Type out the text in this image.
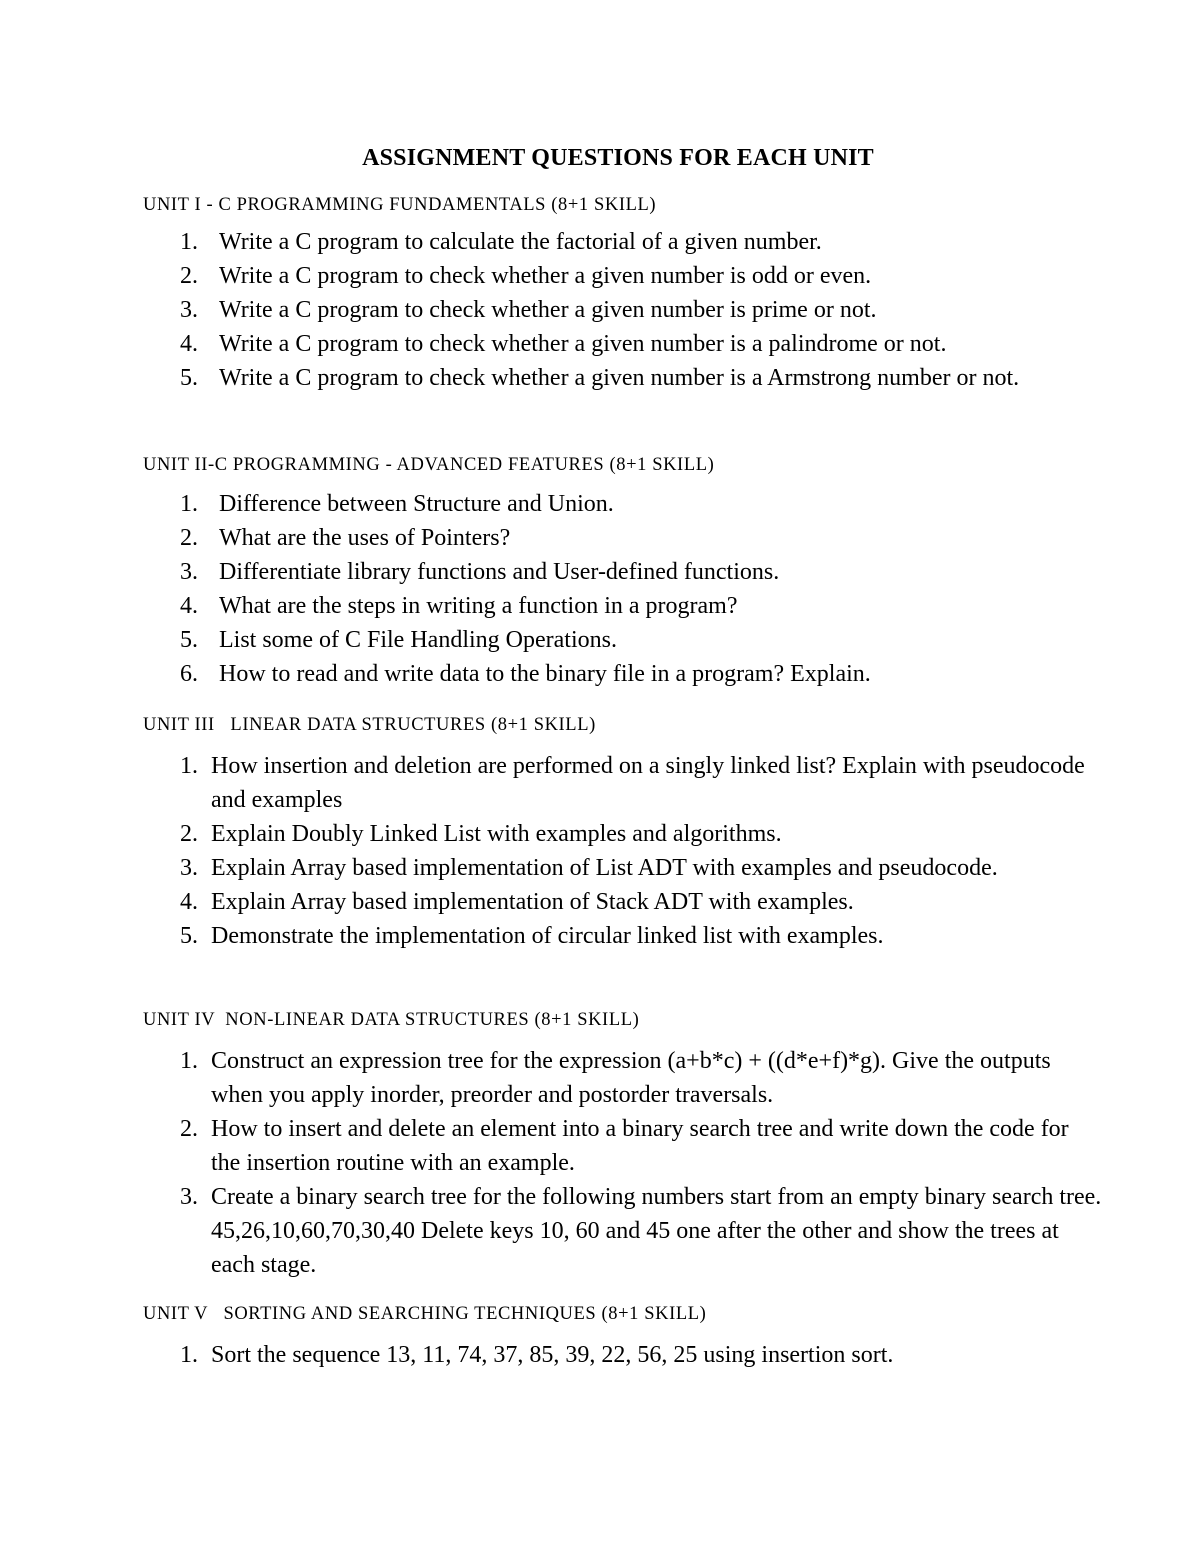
ASSIGNMENT QUESTIONS FOR EACH UNIT
UNIT I - C PROGRAMMING FUNDAMENTALS (8+1 SKILL)
1. Write a C program to calculate the factorial of a given number.
2. Write a C program to check whether a given number is odd or even.
3. Write a C program to check whether a given number is prime or not.
4. Write a C program to check whether a given number is a palindrome or not.
5. Write a C program to check whether a given number is a Armstrong number or not.
UNIT II-C PROGRAMMING - ADVANCED FEATURES (8+1 SKILL)
1. Difference between Structure and Union.
2. What are the uses of Pointers?
3. Differentiate library functions and User-defined functions.
4. What are the steps in writing a function in a program?
5. List some of C File Handling Operations.
6. How to read and write data to the binary file in a program? Explain.
UNIT III   LINEAR DATA STRUCTURES (8+1 SKILL)
1. How insertion and deletion are performed on a singly linked list? Explain with pseudocode and examples
2. Explain Doubly Linked List with examples and algorithms.
3. Explain Array based implementation of List ADT with examples and pseudocode.
4. Explain Array based implementation of Stack ADT with examples.
5. Demonstrate the implementation of circular linked list with examples.
UNIT IV  NON-LINEAR DATA STRUCTURES (8+1 SKILL)
1. Construct an expression tree for the expression (a+b*c) + ((d*e+f)*g). Give the outputs when you apply inorder, preorder and postorder traversals.
2. How to insert and delete an element into a binary search tree and write down the code for the insertion routine with an example.
3. Create a binary search tree for the following numbers start from an empty binary search tree. 45,26,10,60,70,30,40 Delete keys 10, 60 and 45 one after the other and show the trees at each stage.
UNIT V   SORTING AND SEARCHING TECHNIQUES (8+1 SKILL)
1. Sort the sequence 13, 11, 74, 37, 85, 39, 22, 56, 25 using insertion sort.
